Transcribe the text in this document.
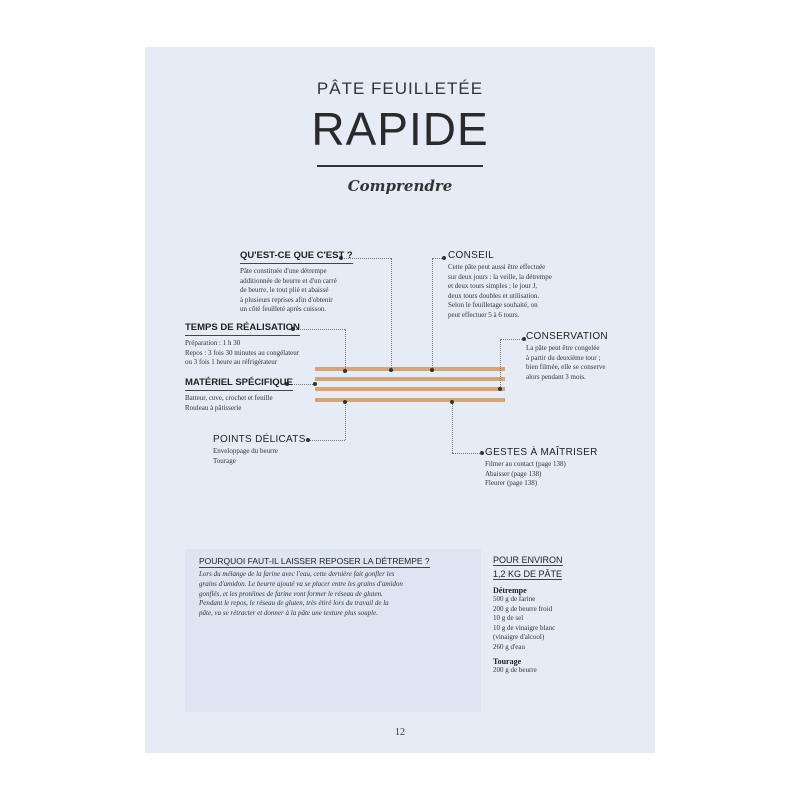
PÂTE FEUILLETÉE
RAPIDE
Comprendre
QU'EST-CE QUE C'EST ?
Pâte constituée d'une détrempe
additionnée de beurre et d'un carré
de beurre, le tout plié et abaissé
à plusieurs reprises afin d'obtenir
un côté feuilleté après cuisson.
CONSEIL
Cette pâte peut aussi être effectuée
sur deux jours : la veille, la détrempe
et deux tours simples ; le jour J,
deux tours doubles et utilisation.
Selon le feuilletage souhaité, on
peut effectuer 5 à 6 tours.
TEMPS DE RÉALISATION
Préparation : 1 h 30
Repos : 3 fois 30 minutes au congélateur
ou 3 fois 1 heure au réfrigérateur
CONSERVATION
La pâte peut être congelée
à partir du deuxième tour ;
bien filmée, elle se conserve
alors pendant 3 mois.
MATÉRIEL SPÉCIFIQUE
Batteur, cuve, crochet et feuille
Rouleau à pâtisserie
POINTS DÉLICATS
Enveloppage du beurre
Tourage
GESTES À MAÎTRISER
Filmer au contact (page 138)
Abaisser (page 138)
Fleurer (page 138)
POURQUOI FAUT-IL LAISSER REPOSER LA DÉTREMPE ?
Lors du mélange de la farine avec l'eau, cette dernière fait gonfler les
grains d'amidon. Le beurre ajouté va se placer entre les grains d'amidon
gonflés, et les protéines de farine vont former le réseau de gluten.
Pendant le repos, le réseau de gluten, très étiré lors du travail de la
pâte, va se rétracter et donner à la pâte une texture plus souple.
POUR ENVIRON
1,2 KG DE PÂTE
Détrempe
500 g de farine
200 g de beurre froid
10 g de sel
10 g de vinaigre blanc
(vinaigre d'alcool)
260 g d'eau
Tourage
200 g de beurre
12
